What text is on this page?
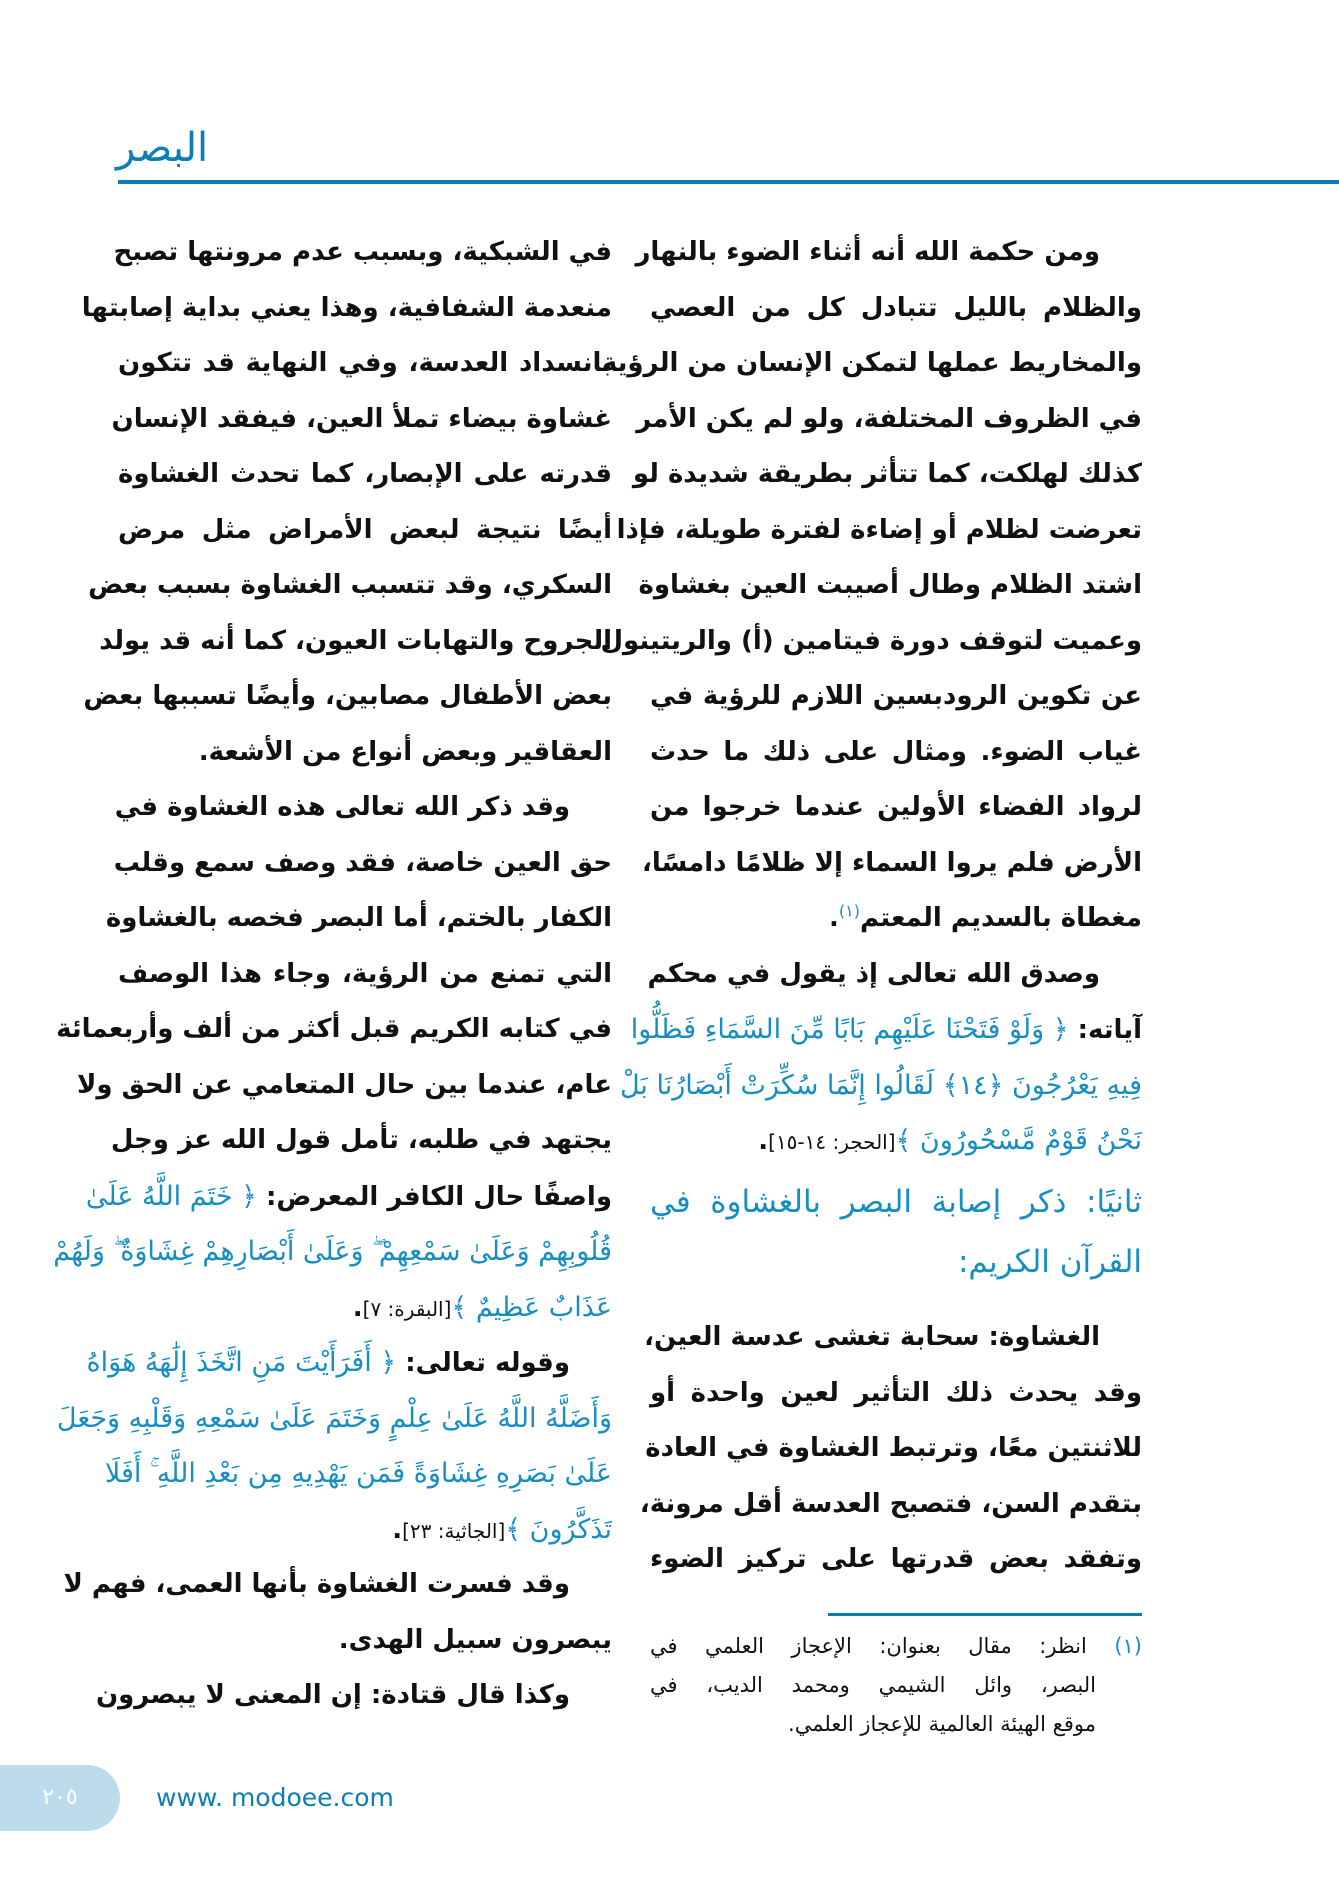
البصر
ومن حكمة الله أنه أثناء الضوء بالنهار
والظلام بالليل تتبادل كل من العصي
والمخاريط عملها لتمكن الإنسان من الرؤية
في الظروف المختلفة، ولو لم يكن الأمر
كذلك لهلكت، كما تتأثر بطريقة شديدة لو
تعرضت لظلام أو إضاءة لفترة طويلة، فإذا
اشتد الظلام وطال أصيبت العين بغشاوة
وعميت لتوقف دورة فيتامين (أ) والريتينول
عن تكوين الرودبسين اللازم للرؤية في
غياب الضوء. ومثال على ذلك ما حدث
لرواد الفضاء الأولين عندما خرجوا من
الأرض فلم يروا السماء إلا ظلامًا دامسًا،
مغطاة بالسديم المعتم$^{(١)}$.
وصدق الله تعالى إذ يقول في محكم
آياته: ﴿ وَلَوْ فَتَحْنَا عَلَيْهِم بَابًا مِّنَ السَّمَاءِ فَظَلُّوا
فِيهِ يَعْرُجُونَ ﴿١٤﴾ لَقَالُوا إِنَّمَا سُكِّرَتْ أَبْصَارُنَا بَلْ
نَحْنُ قَوْمٌ مَّسْحُورُونَ ﴾[الحجر: ١٤-١٥].
ثانيًا: ذكر إصابة البصر بالغشاوة في
القرآن الكريم:
الغشاوة: سحابة تغشى عدسة العين،
وقد يحدث ذلك التأثير لعين واحدة أو
للاثنتين معًا، وترتبط الغشاوة في العادة
بتقدم السن، فتصبح العدسة أقل مرونة،
وتفقد بعض قدرتها على تركيز الضوء
في الشبكية، وبسبب عدم مرونتها تصبح
منعدمة الشفافية، وهذا يعني بداية إصابتها
بانسداد العدسة، وفي النهاية قد تتكون
غشاوة بيضاء تملأ العين، فيفقد الإنسان
قدرته على الإبصار، كما تحدث الغشاوة
أيضًا نتيجة لبعض الأمراض مثل مرض
السكري، وقد تتسبب الغشاوة بسبب بعض
الجروح والتهابات العيون، كما أنه قد يولد
بعض الأطفال مصابين، وأيضًا تسببها بعض
العقاقير وبعض أنواع من الأشعة.
وقد ذكر الله تعالى هذه الغشاوة في
حق العين خاصة، فقد وصف سمع وقلب
الكفار بالختم، أما البصر فخصه بالغشاوة
التي تمنع من الرؤية، وجاء هذا الوصف
في كتابه الكريم قبل أكثر من ألف وأربعمائة
عام، عندما بين حال المتعامي عن الحق ولا
يجتهد في طلبه، تأمل قول الله عز وجل
واصفًا حال الكافر المعرض: ﴿ خَتَمَ اللَّهُ عَلَىٰ
قُلُوبِهِمْ وَعَلَىٰ سَمْعِهِمْ ۖ وَعَلَىٰ أَبْصَارِهِمْ غِشَاوَةٌ ۖ وَلَهُمْ
عَذَابٌ عَظِيمٌ ﴾[البقرة: ٧].
وقوله تعالى: ﴿ أَفَرَأَيْتَ مَنِ اتَّخَذَ إِلَٰهَهُ هَوَاهُ
وَأَضَلَّهُ اللَّهُ عَلَىٰ عِلْمٍ وَخَتَمَ عَلَىٰ سَمْعِهِ وَقَلْبِهِ وَجَعَلَ
عَلَىٰ بَصَرِهِ غِشَاوَةً فَمَن يَهْدِيهِ مِن بَعْدِ اللَّهِ ۚ أَفَلَا
تَذَكَّرُونَ ﴾[الجاثية: ٢٣].
وقد فسرت الغشاوة بأنها العمى، فهم لا
يبصرون سبيل الهدى.
وكذا قال قتادة: إن المعنى لا يبصرون
(١) انظر: مقال بعنوان: الإعجاز العلمي في
البصر، وائل الشيمي ومحمد الديب، في
موقع الهيئة العالمية للإعجاز العلمي.
٢٠٥	www. modoee.com
